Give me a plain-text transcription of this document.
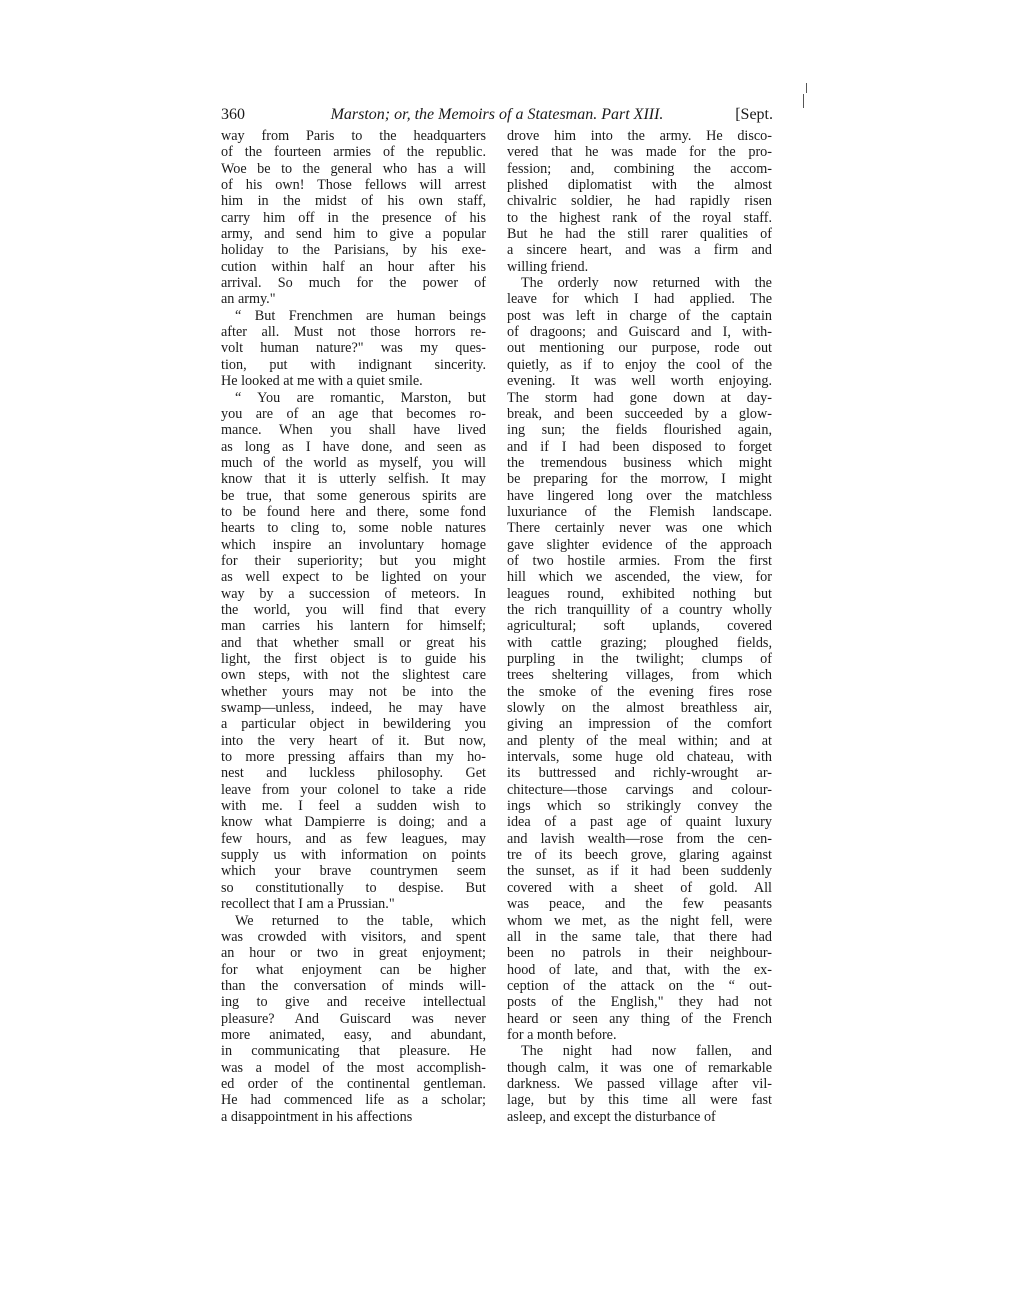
360	Marston; or, the Memoirs of a Statesman. Part XIII.	[Sept.
way from Paris to the headquarters
of the fourteen armies of the republic.
Woe be to the general who has a will
of his own! Those fellows will arrest
him in the midst of his own staff,
carry him off in the presence of his
army, and send him to give a popular
holiday to the Parisians, by his exe-
cution within half an hour after his
arrival. So much for the power of
an army."
“ But Frenchmen are human beings
after all. Must not those horrors re-
volt human nature?" was my ques-
tion, put with indignant sincerity.
He looked at me with a quiet smile.
“ You are romantic, Marston, but
you are of an age that becomes ro-
mance. When you shall have lived
as long as I have done, and seen as
much of the world as myself, you will
know that it is utterly selfish. It may
be true, that some generous spirits are
to be found here and there, some fond
hearts to cling to, some noble natures
which inspire an involuntary homage
for their superiority; but you might
as well expect to be lighted on your
way by a succession of meteors. In
the world, you will find that every
man carries his lantern for himself;
and that whether small or great his
light, the first object is to guide his
own steps, with not the slightest care
whether yours may not be into the
swamp—unless, indeed, he may have
a particular object in bewildering you
into the very heart of it. But now,
to more pressing affairs than my ho-
nest and luckless philosophy. Get
leave from your colonel to take a ride
with me. I feel a sudden wish to
know what Dampierre is doing; and a
few hours, and as few leagues, may
supply us with information on points
which your brave countrymen seem
so constitutionally to despise. But
recollect that I am a Prussian."
We returned to the table, which
was crowded with visitors, and spent
an hour or two in great enjoyment;
for what enjoyment can be higher
than the conversation of minds will-
ing to give and receive intellectual
pleasure? And Guiscard was never
more animated, easy, and abundant,
in communicating that pleasure. He
was a model of the most accomplish-
ed order of the continental gentleman.
He had commenced life as a scholar;
a disappointment in his affections
drove him into the army. He disco-
vered that he was made for the pro-
fession; and, combining the accom-
plished diplomatist with the almost
chivalric soldier, he had rapidly risen
to the highest rank of the royal staff.
But he had the still rarer qualities of
a sincere heart, and was a firm and
willing friend.
The orderly now returned with the
leave for which I had applied. The
post was left in charge of the captain
of dragoons; and Guiscard and I, with-
out mentioning our purpose, rode out
quietly, as if to enjoy the cool of the
evening. It was well worth enjoying.
The storm had gone down at day-
break, and been succeeded by a glow-
ing sun; the fields flourished again,
and if I had been disposed to forget
the tremendous business which might
be preparing for the morrow, I might
have lingered long over the matchless
luxuriance of the Flemish landscape.
There certainly never was one which
gave slighter evidence of the approach
of two hostile armies. From the first
hill which we ascended, the view, for
leagues round, exhibited nothing but
the rich tranquillity of a country wholly
agricultural; soft uplands, covered
with cattle grazing; ploughed fields,
purpling in the twilight; clumps of
trees sheltering villages, from which
the smoke of the evening fires rose
slowly on the almost breathless air,
giving an impression of the comfort
and plenty of the meal within; and at
intervals, some huge old chateau, with
its buttressed and richly-wrought ar-
chitecture—those carvings and colour-
ings which so strikingly convey the
idea of a past age of quaint luxury
and lavish wealth—rose from the cen-
tre of its beech grove, glaring against
the sunset, as if it had been suddenly
covered with a sheet of gold. All
was peace, and the few peasants
whom we met, as the night fell, were
all in the same tale, that there had
been no patrols in their neighbour-
hood of late, and that, with the ex-
ception of the attack on the “ out-
posts of the English," they had not
heard or seen any thing of the French
for a month before.
The night had now fallen, and
though calm, it was one of remarkable
darkness. We passed village after vil-
lage, but by this time all were fast
asleep, and except the disturbance of
